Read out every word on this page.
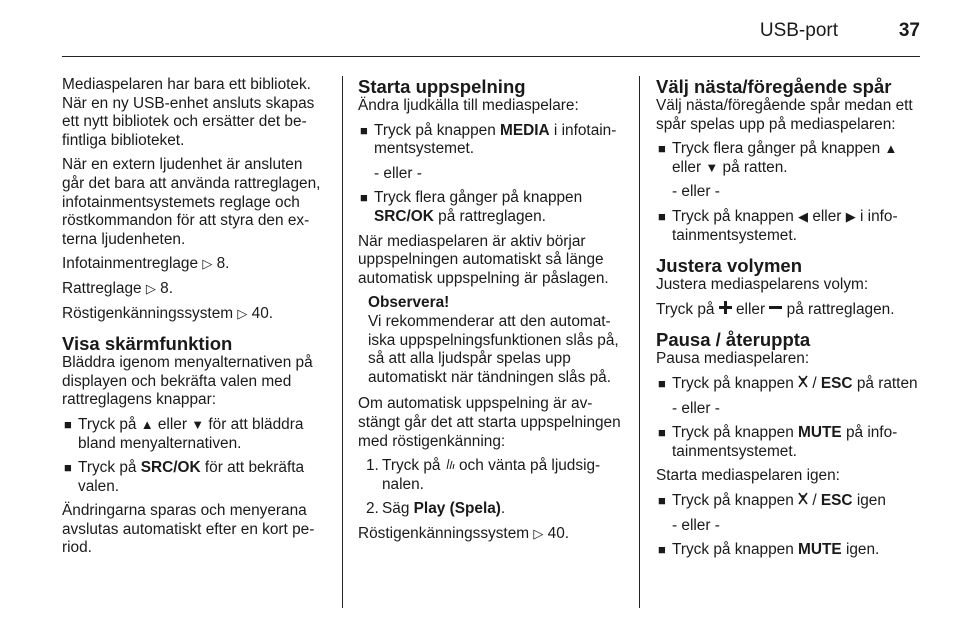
USB-port	37

Mediaspelaren har bara ett bibliotek. När en ny USB-enhet ansluts skapas ett nytt bibliotek och ersätter det befintliga biblioteket.

När en extern ljudenhet är ansluten går det bara att använda rattreglagen, infotainmentsystemets reglage och röstkommandon för att styra den externa ljudenheten.

Infotainmentreglage ▷ 8.

Rattreglage ▷ 8.

Röstigenkänningssystem ▷ 40.

Visa skärmfunktion

Bläddra igenom menyalternativen på displayen och bekräfta valen med rattreglagens knappar:

■ Tryck på ▲ eller ▼ för att bläddra bland menyalternativen.
■ Tryck på SRC/OK för att bekräfta valen.

Ändringarna sparas och menyerana avslutas automatiskt efter en kort period.

Starta uppspelning

Ändra ljudkälla till mediaspelare:

■ Tryck på knappen MEDIA i infotainmentsystemet.
- eller -
■ Tryck flera gånger på knappen SRC/OK på rattreglagen.

När mediaspelaren är aktiv börjar uppspelningen automatiskt så länge automatisk uppspelning är påslagen.

Observera!
Vi rekommenderar att den automatiska uppspelningsfunktionen slås på, så att alla ljudspår spelas upp automatiskt när tändningen slås på.

Om automatisk uppspelning är avstängt går det att starta uppspelningen med röstigenkänning:

1. Tryck på och vänta på ljudsignalen.
2. Säg Play (Spela).

Röstigenkänningssystem ▷ 40.

Välj nästa/föregående spår

Välj nästa/föregående spår medan ett spår spelas upp på mediaspelaren:

■ Tryck flera gånger på knappen ▲
eller ▼ på ratten.
- eller -
■ Tryck på knappen ◀ eller ▶ i infotainmentsystemet.
Justera volymen

Justera mediaspelarens volym:

Tryck på eller på rattreglagen.

Pausa / återuppta

Pausa mediaspelaren:

■ Tryck på knappen / ESC på ratten
- eller -
■ Tryck på knappen MUTE på infotainmentsystemet.

Starta mediaspelaren igen:

■ Tryck på knappen / ESC igen
- eller -
■ Tryck på knappen MUTE igen.
